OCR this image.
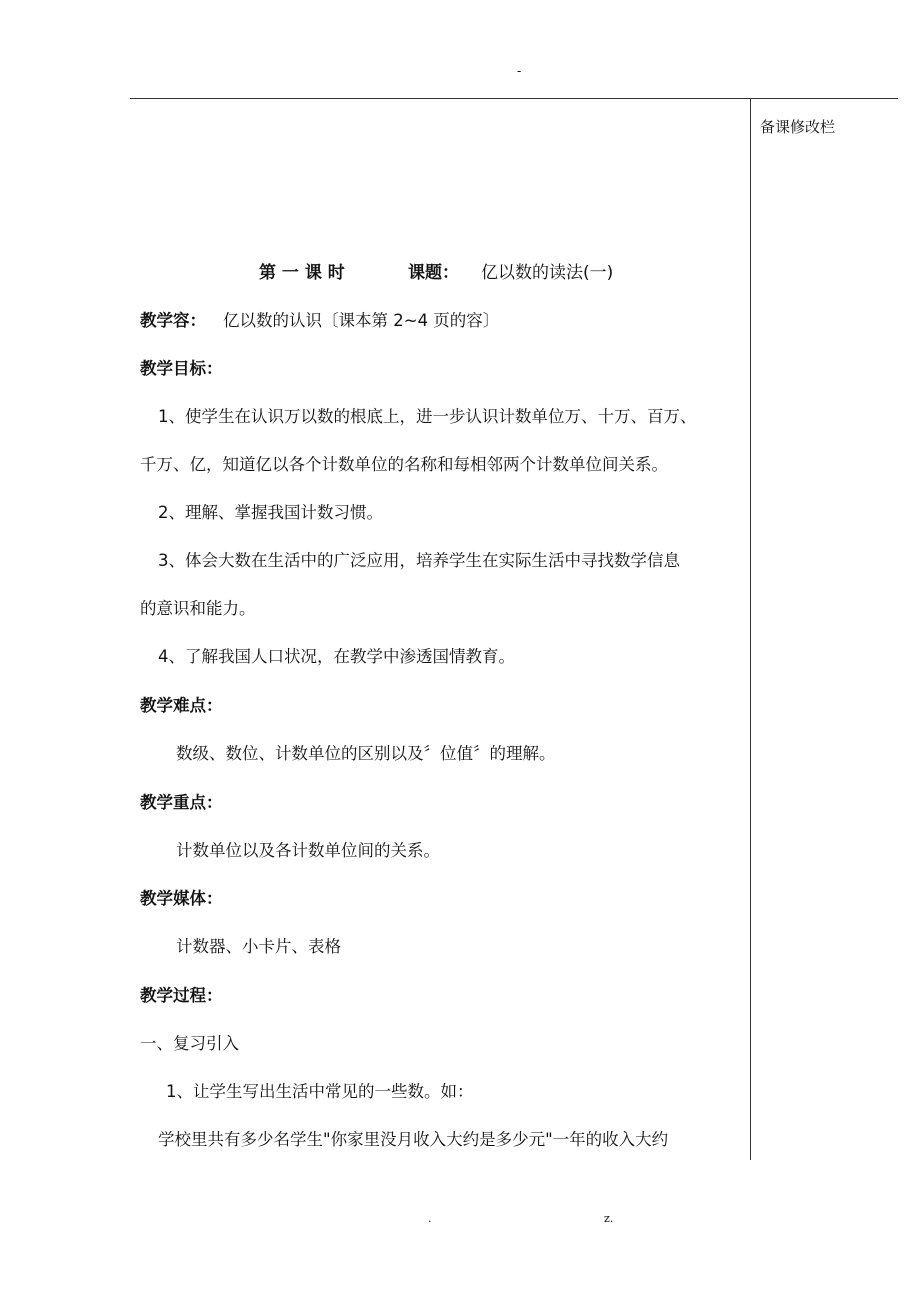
-
备课修改栏
第 一 课 时	课题： 亿以数的读法(一)
教学容： 亿以数的认识〔课本第 2~4 页的容〕
教学目标：
1、使学生在认识万以数的根底上，进一步认识计数单位万、十万、百万、
千万、亿，知道亿以各个计数单位的名称和每相邻两个计数单位间关系。
2、理解、掌握我国计数习惯。
3、体会大数在生活中的广泛应用，培养学生在实际生活中寻找数学信息
的意识和能力。
4、了解我国人口状况，在教学中渗透国情教育。
教学难点：
数级、数位、计数单位的区别以及〞位值〞的理解。
教学重点：
计数单位以及各计数单位间的关系。
教学媒体：
计数器、小卡片、表格
教学过程：
一、复习引入
1、让学生写出生活中常见的一些数。如：
学校里共有多少名学生"你家里没月收入大约是多少元"一年的收入大约
.	z.
